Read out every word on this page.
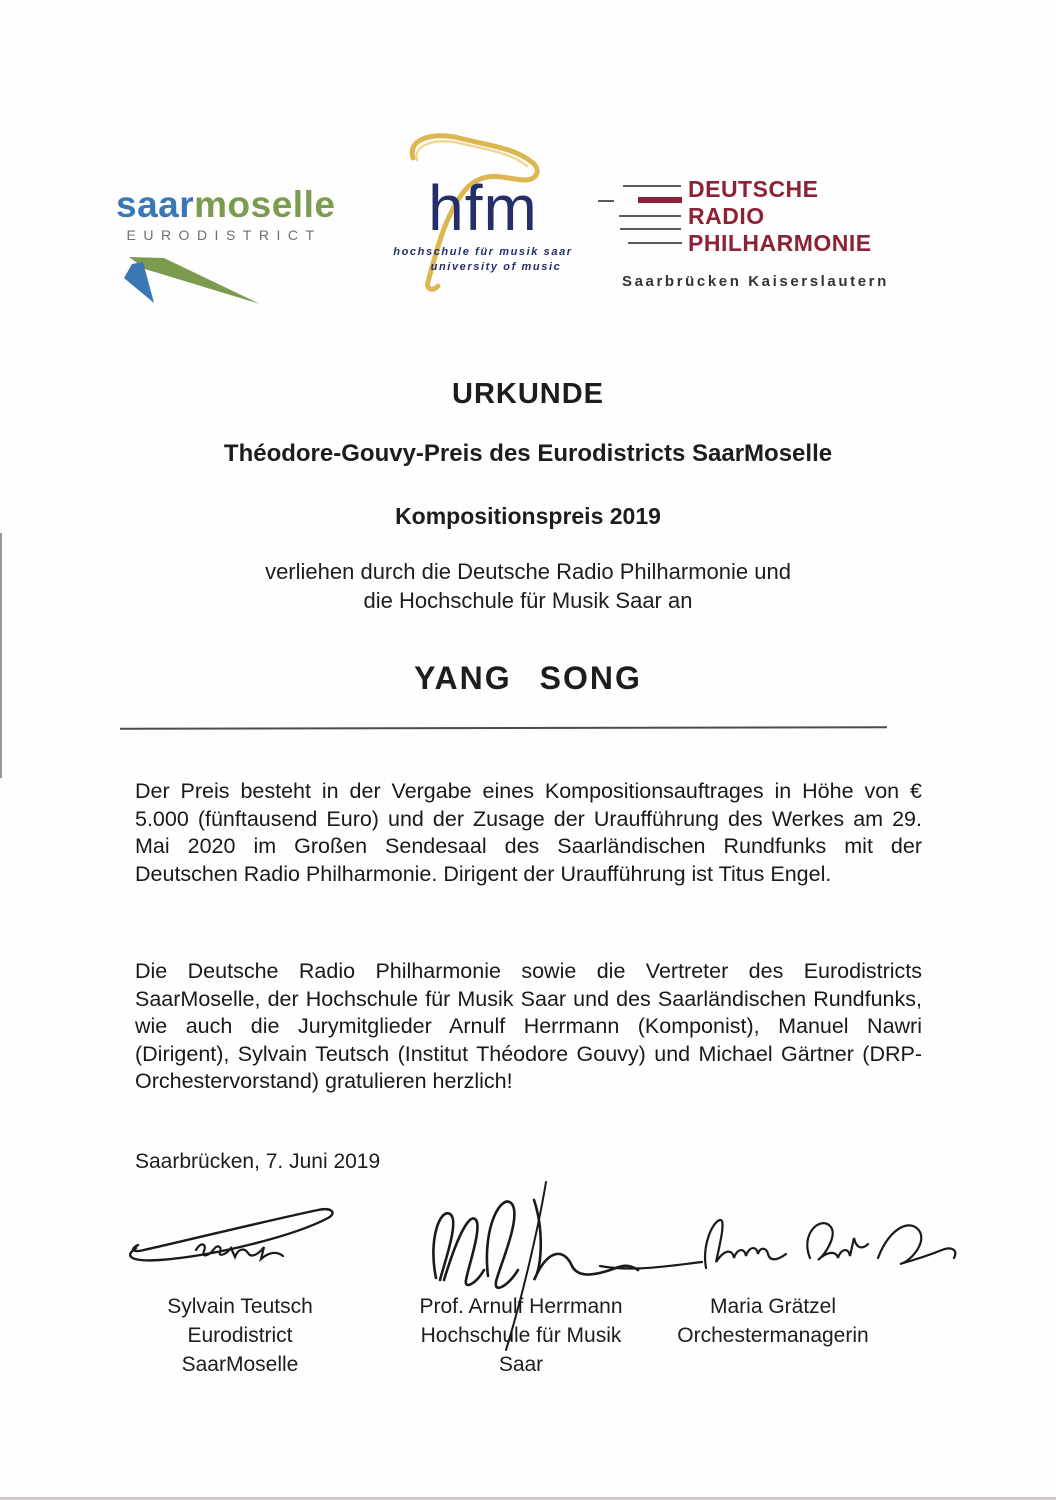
saarmoselle
EURODISTRICT	hfm
hochschule für musik saar
university of music
DEUTSCHE
RADIO
PHILHARMONIE
Saarbrücken Kaiserslautern
URKUNDE
Théodore-Gouvy-Preis des Eurodistricts SaarMoselle
Kompositionspreis 2019
verliehen durch die Deutsche Radio Philharmonie und
die Hochschule für Musik Saar an
YANG SONG
Der Preis besteht in der Vergabe eines Kompositionsauftrages in Höhe von € 5.000 (fünftausend Euro) und der Zusage der Uraufführung des Werkes am 29. Mai 2020 im Großen Sendesaal des Saarländischen Rundfunks mit der Deutschen Radio Philharmonie. Dirigent der Uraufführung ist Titus Engel.
Die Deutsche Radio Philharmonie sowie die Vertreter des Eurodistricts SaarMoselle, der Hochschule für Musik Saar und des Saarländischen Rundfunks, wie auch die Jurymitglieder Arnulf Herrmann (Komponist), Manuel Nawri (Dirigent), Sylvain Teutsch (Institut Théodore Gouvy) und Michael Gärtner (DRP-Orchestervorstand) gratulieren herzlich!
Saarbrücken, 7. Juni 2019
Sylvain Teutsch
Eurodistrict SaarMoselle
Prof. Arnulf Herrmann
Hochschule für Musik Saar
Maria Grätzel
Orchestermanagerin
